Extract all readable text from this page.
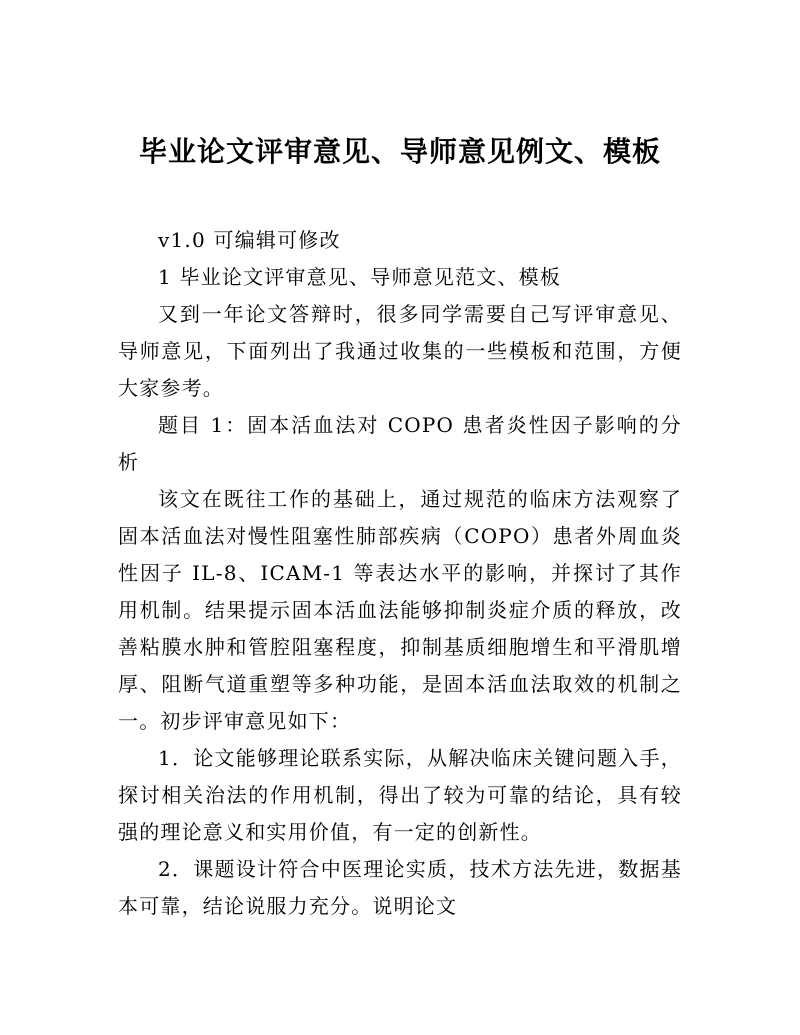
毕业论文评审意见、导师意见例文、模板

v1.0 可编辑可修改

1 毕业论文评审意见、导师意见范文、模板

又到一年论文答辩时，很多同学需要自己写评审意见、导师意见，下面列出了我通过收集的一些模板和范围，方便大家参考。

题目 1：固本活血法对 COPO 患者炎性因子影响的分析

该文在既往工作的基础上，通过规范的临床方法观察了固本活血法对慢性阻塞性肺部疾病（COPO）患者外周血炎性因子 IL-8、ICAM-1 等表达水平的影响，并探讨了其作用机制。结果提示固本活血法能够抑制炎症介质的释放，改善粘膜水肿和管腔阻塞程度，抑制基质细胞增生和平滑肌增厚、阻断气道重塑等多种功能，是固本活血法取效的机制之一。初步评审意见如下：

1．论文能够理论联系实际，从解决临床关键问题入手，探讨相关治法的作用机制，得出了较为可靠的结论，具有较强的理论意义和实用价值，有一定的创新性。

2．课题设计符合中医理论实质，技术方法先进，数据基本可靠，结论说服力充分。说明论文
